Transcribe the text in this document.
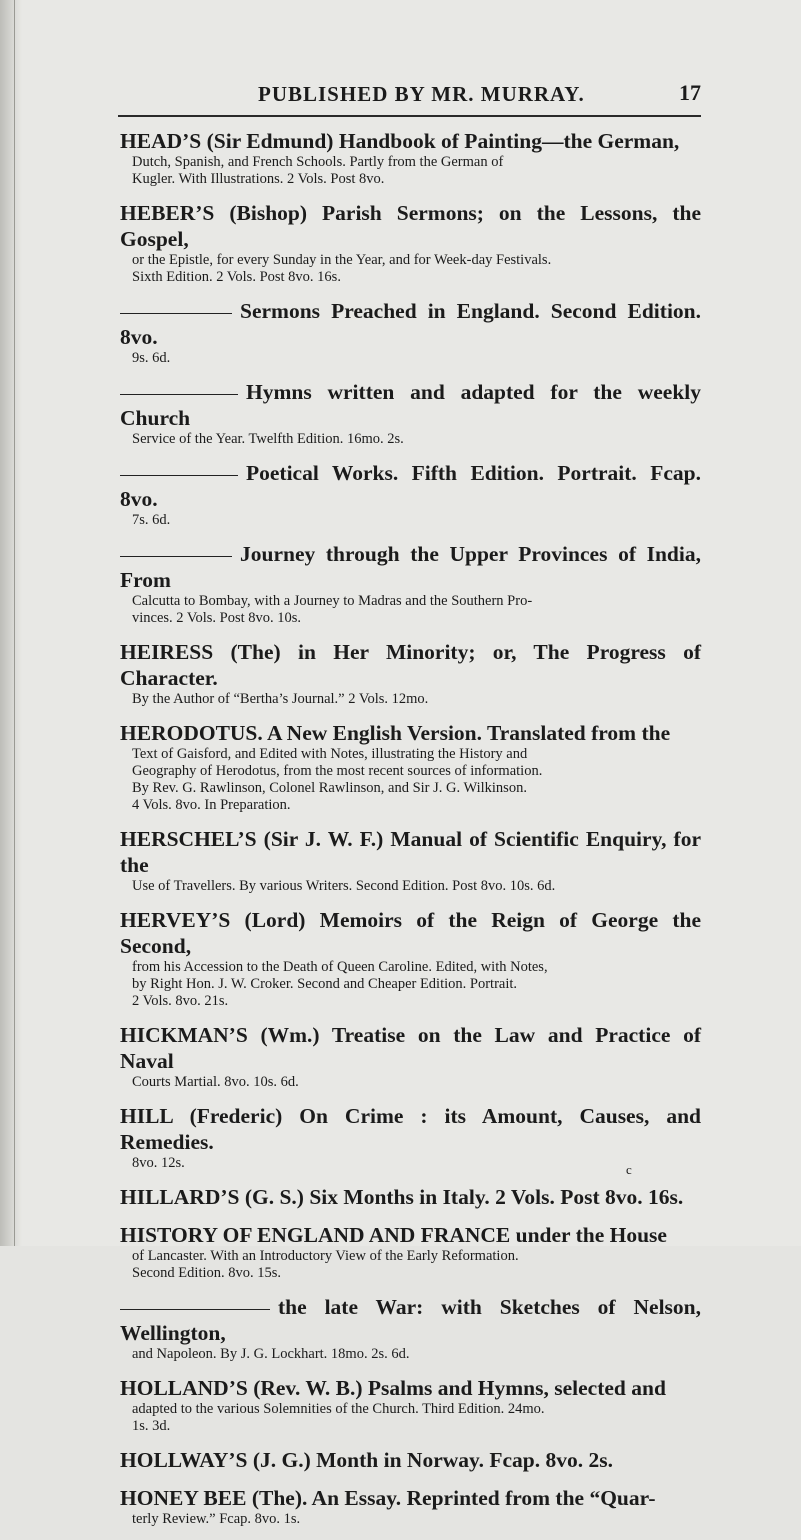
PUBLISHED BY MR. MURRAY.	17
HEAD’S (Sir Edmund) Handbook of Painting—the German,
Dutch, Spanish, and French Schools. Partly from the German of
Kugler. With Illustrations. 2 Vols. Post 8vo.
HEBER’S (Bishop) Parish Sermons; on the Lessons, the Gospel,
or the Epistle, for every Sunday in the Year, and for Week-day Festivals.
Sixth Edition. 2 Vols. Post 8vo. 16s.
Sermons Preached in England. Second Edition. 8vo.
9s. 6d.
Hymns written and adapted for the weekly Church
Service of the Year. Twelfth Edition. 16mo. 2s.
Poetical Works. Fifth Edition. Portrait. Fcap. 8vo.
7s. 6d.
Journey through the Upper Provinces of India, From
Calcutta to Bombay, with a Journey to Madras and the Southern Pro-
vinces. 2 Vols. Post 8vo. 10s.
HEIRESS (The) in Her Minority; or, The Progress of Character.
By the Author of “Bertha’s Journal.” 2 Vols. 12mo.
HERODOTUS. A New English Version. Translated from the
Text of Gaisford, and Edited with Notes, illustrating the History and
Geography of Herodotus, from the most recent sources of information.
By Rev. G. Rawlinson, Colonel Rawlinson, and Sir J. G. Wilkinson.
4 Vols. 8vo. In Preparation.
HERSCHEL’S (Sir J. W. F.) Manual of Scientific Enquiry, for the
Use of Travellers. By various Writers. Second Edition. Post 8vo. 10s. 6d.
HERVEY’S (Lord) Memoirs of the Reign of George the Second,
from his Accession to the Death of Queen Caroline. Edited, with Notes,
by Right Hon. J. W. Croker. Second and Cheaper Edition. Portrait.
2 Vols. 8vo. 21s.
HICKMAN’S (Wm.) Treatise on the Law and Practice of Naval
Courts Martial. 8vo. 10s. 6d.
HILL (Frederic) On Crime : its Amount, Causes, and Remedies.
8vo. 12s.
HILLARD’S (G. S.) Six Months in Italy. 2 Vols. Post 8vo. 16s.
HISTORY OF ENGLAND AND FRANCE under the House
of Lancaster. With an Introductory View of the Early Reformation.
Second Edition. 8vo. 15s.
the late War: with Sketches of Nelson, Wellington,
and Napoleon. By J. G. Lockhart. 18mo. 2s. 6d.
HOLLAND’S (Rev. W. B.) Psalms and Hymns, selected and
adapted to the various Solemnities of the Church. Third Edition. 24mo.
1s. 3d.
HOLLWAY’S (J. G.) Month in Norway. Fcap. 8vo. 2s.
HONEY BEE (The). An Essay. Reprinted from the “Quar-
terly Review.” Fcap. 8vo. 1s.
c
